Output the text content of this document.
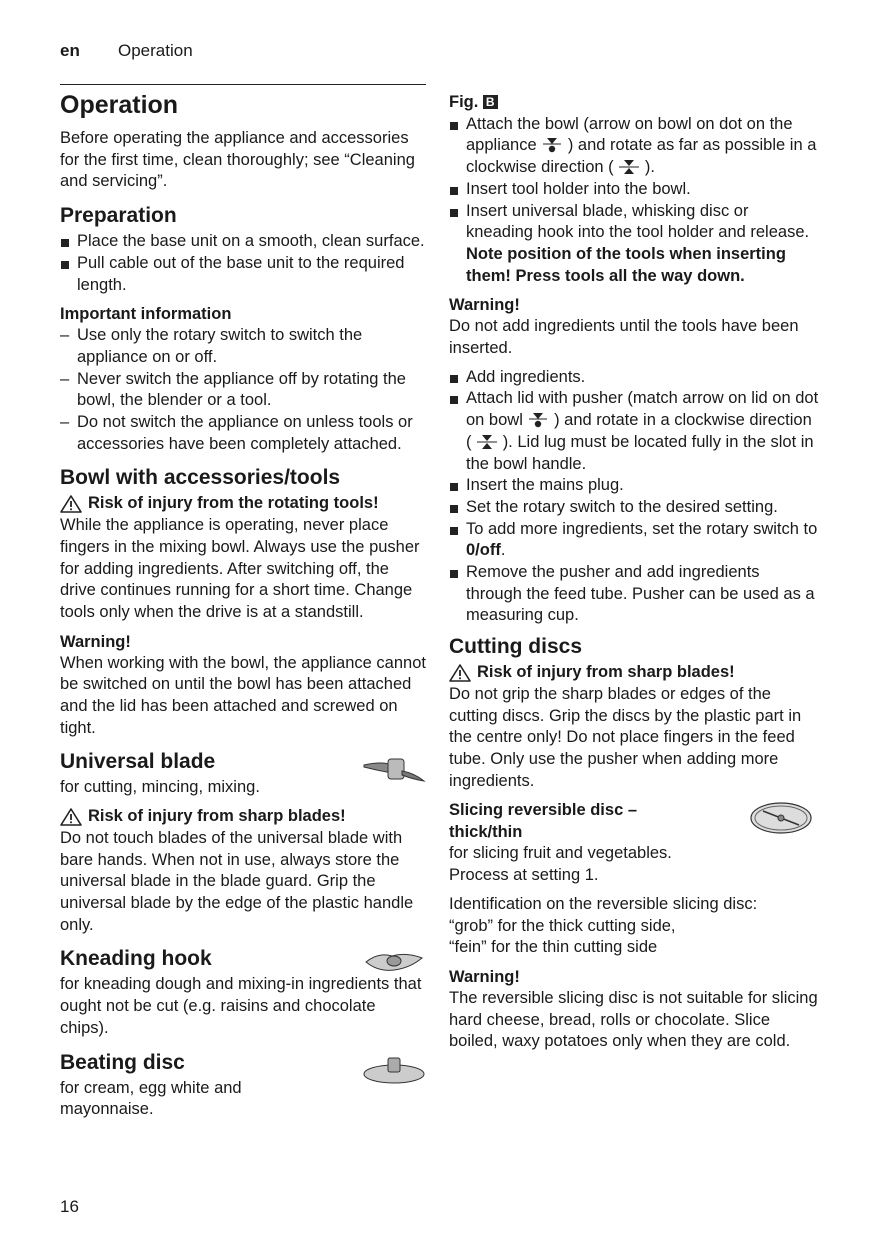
en Operation
Operation

Before operating the appliance and accessories for the first time, clean thoroughly; see “Cleaning and servicing”.

Preparation
Place the base unit on a smooth, clean surface.
Pull cable out of the base unit to the required length.
Important information
– Use only the rotary switch to switch the appliance on or off.
– Never switch the appliance off by rotating the bowl, the blender or a tool.
– Do not switch the appliance on unless tools or accessories have been completely attached.
Bowl with accessories/tools
Risk of injury from the rotating tools!

While the appliance is operating, never place fingers in the mixing bowl. Always use the pusher for adding ingredients. After switching off, the drive continues running for a short time. Change tools only when the drive is at a standstill.

Warning!

When working with the bowl, the appliance cannot be switched on until the bowl has been attached and the lid has been attached and screwed on tight.

Universal blade

for cutting, mincing, mixing.

Risk of injury from sharp blades!

Do not touch blades of the universal blade with bare hands. When not in use, always store the universal blade in the blade guard. Grip the universal blade by the edge of the plastic handle only.

Kneading hook

for kneading dough and mixing-in ingredients that ought not be cut (e.g. raisins and chocolate chips).

Beating disc

for cream, egg white and mayonnaise.

Fig. B
Attach the bowl (arrow on bowl on dot on the appliance  ) and rotate as far as possible in a clockwise direction ( ).
Insert tool holder into the bowl.
Insert universal blade, whisking disc or kneading hook into the tool holder and release.
Note position of the tools when inserting them! Press tools all the way down.
Warning!

Do not add ingredients until the tools have been inserted.

Add ingredients.
Attach lid with pusher (match arrow on lid on dot on bowl  ) and rotate in a clockwise direction ( ). Lid lug must be located fully in the slot in the bowl handle.
Insert the mains plug.
Set the rotary switch to the desired setting.
To add more ingredients, set the rotary switch to 0/off.
Remove the pusher and add ingredients through the feed tube. Pusher can be used as a measuring cup.
Cutting discs
Risk of injury from sharp blades!

Do not grip the sharp blades or edges of the cutting discs. Grip the discs by the plastic part in the centre only! Do not place fingers in the feed tube. Only use the pusher when adding more ingredients.

Slicing reversible disc – thick/thin

for slicing fruit and vegetables. Process at setting 1.

Identification on the reversible slicing disc:

“grob” for the thick cutting side,

“fein” for the thin cutting side

Warning!

The reversible slicing disc is not suitable for slicing hard cheese, bread, rolls or chocolate. Slice boiled, waxy potatoes only when they are cold.

16
